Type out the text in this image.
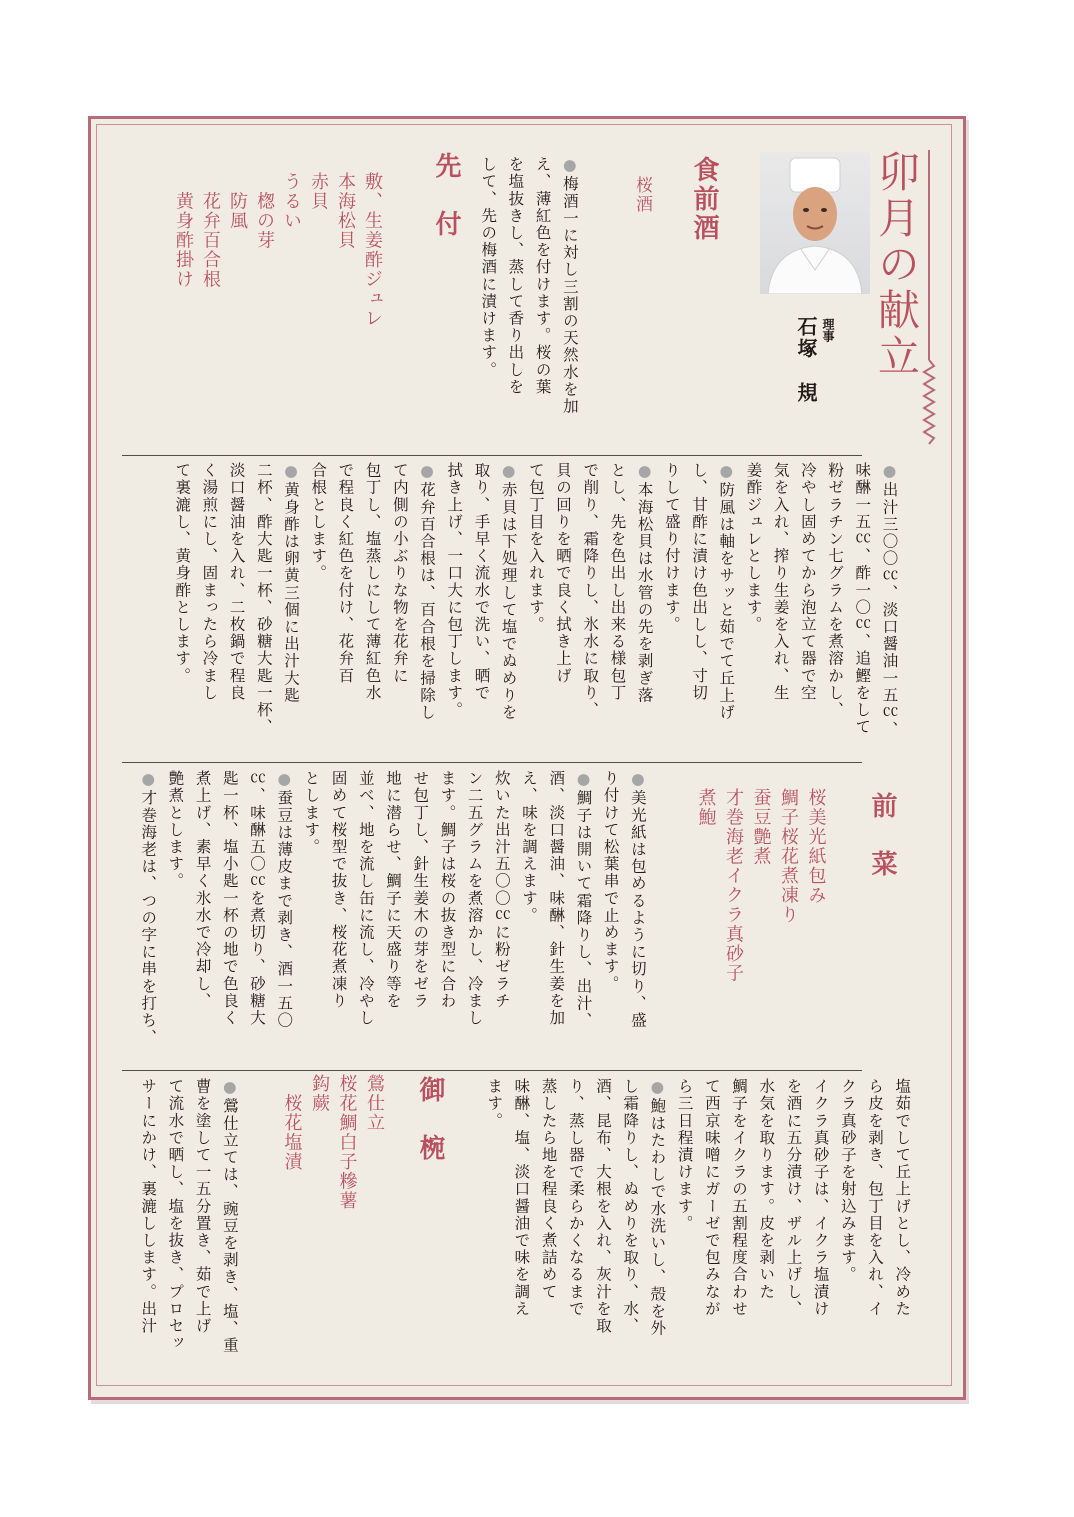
卯月の献立
理事
石塚　規
食前酒
桜酒
●梅酒一に対し三割の天然水を加
え、薄紅色を付けます。桜の葉
を塩抜きし、蒸して香り出しを
して、先の梅酒に漬けます。
先　付
敷、生姜酢ジュレ
本海松貝
赤貝
うるい
　楤の芽
　防風
　花弁百合根
　黄身酢掛け
●出汁三〇〇㏄、淡口醤油一五㏄、
味醂一五㏄、酢一〇㏄、追鰹をして
粉ゼラチン七グラムを煮溶かし、
冷やし固めてから泡立て器で空
気を入れ、搾り生姜を入れ、生
姜酢ジュレとします。
●防風は軸をサッと茹でて丘上げ
し、甘酢に漬け色出しし、寸切
りして盛り付けます。
●本海松貝は水管の先を剥ぎ落
とし、先を色出し出来る様包丁
で削り、霜降りし、氷水に取り、
貝の回りを晒で良く拭き上げ
て包丁目を入れます。
●赤貝は下処理して塩でぬめりを
取り、手早く流水で洗い、晒で
拭き上げ、一口大に包丁します。
●花弁百合根は、百合根を掃除し
て内側の小ぶりな物を花弁に
包丁し、塩蒸しにして薄紅色水
で程良く紅色を付け、花弁百
合根とします。
●黄身酢は卵黄三個に出汁大匙
二杯、酢大匙一杯、砂糖大匙一杯、
淡口醤油を入れ、二枚鍋で程良
く湯煎にし、固まったら冷まし
て裏漉し、黄身酢とします。
前　菜
桜美光紙包み
鯛子桜花煮凍り
蚕豆艶煮
才巻海老イクラ真砂子
煮鮑
●美光紙は包めるように切り、盛
り付けて松葉串で止めます。
●鯛子は開いて霜降りし、出汁、
酒、淡口醤油、味醂、針生姜を加
え、味を調えます。
炊いた出汁五〇〇㏄に粉ゼラチ
ン二五グラムを煮溶かし、冷まし
ます。鯛子は桜の抜き型に合わ
せ包丁し、針生姜木の芽をゼラ
地に潜らせ、鯛子に天盛り等を
並べ、地を流し缶に流し、冷やし
固めて桜型で抜き、桜花煮凍り
とします。
●蚕豆は薄皮まで剥き、酒一五〇
㏄、味醂五〇㏄を煮切り、砂糖大
匙一杯、塩小匙一杯の地で色良く
煮上げ、素早く氷水で冷却し、
艶煮とします。
●才巻海老は、つの字に串を打ち、
塩茹でして丘上げとし、冷めた
ら皮を剥き、包丁目を入れ、イ
クラ真砂子を射込みます。
イクラ真砂子は、イクラ塩漬け
を酒に五分漬け、ザル上げし、
水気を取ります。皮を剥いた
鯛子をイクラの五割程度合わせ
て西京味噌にガーゼで包みなが
ら三日程漬けます。
●鮑はたわしで水洗いし、殻を外
し霜降りし、ぬめりを取り、水、
酒、昆布、大根を入れ、灰汁を取
り、蒸し器で柔らかくなるまで
蒸したら地を程良く煮詰めて
味醂、塩、淡口醤油で味を調え
ます。
御　椀
鶯仕立
桜花鯛白子糝薯
鈎蕨
　桜花塩漬
●鶯仕立ては、豌豆を剥き、塩、重
曹を塗して一五分置き、茹で上げ
て流水で晒し、塩を抜き、プロセッ
サーにかけ、裏漉しします。出汁
